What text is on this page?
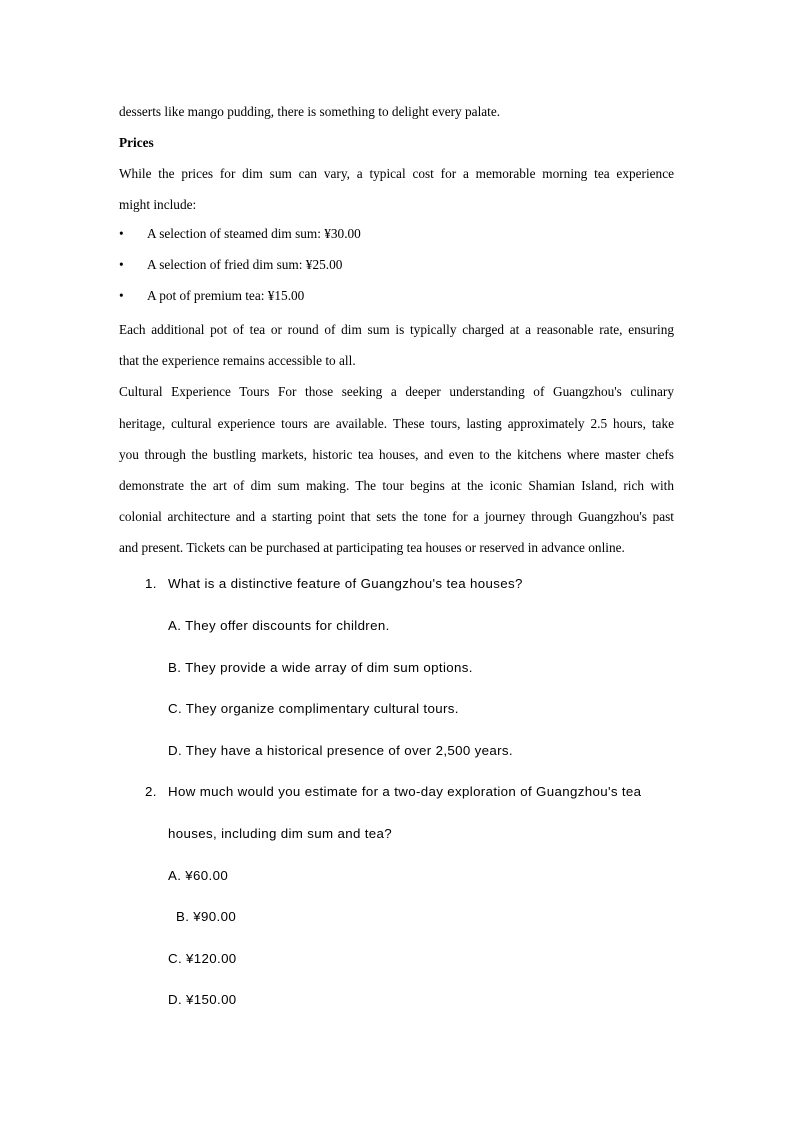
desserts like mango pudding, there is something to delight every palate.
Prices
While the prices for dim sum can vary, a typical cost for a memorable morning tea experience
might include:
• A selection of steamed dim sum: ¥30.00
• A selection of fried dim sum: ¥25.00
• A pot of premium tea: ¥15.00
Each additional pot of tea or round of dim sum is typically charged at a reasonable rate, ensuring
that the experience remains accessible to all.
Cultural Experience Tours For those seeking a deeper understanding of Guangzhou's culinary
heritage, cultural experience tours are available. These tours, lasting approximately 2.5 hours, take
you through the bustling markets, historic tea houses, and even to the kitchens where master chefs
demonstrate the art of dim sum making. The tour begins at the iconic Shamian Island, rich with
colonial architecture and a starting point that sets the tone for a journey through Guangzhou's past
and present. Tickets can be purchased at participating tea houses or reserved in advance online.
1. What is a distinctive feature of Guangzhou's tea houses?
A. They offer discounts for children.
B. They provide a wide array of dim sum options.
C. They organize complimentary cultural tours.
D. They have a historical presence of over 2,500 years.
2. How much would you estimate for a two-day exploration of Guangzhou's tea
houses, including dim sum and tea?
A. ¥60.00
B. ¥90.00
C. ¥120.00
D. ¥150.00
